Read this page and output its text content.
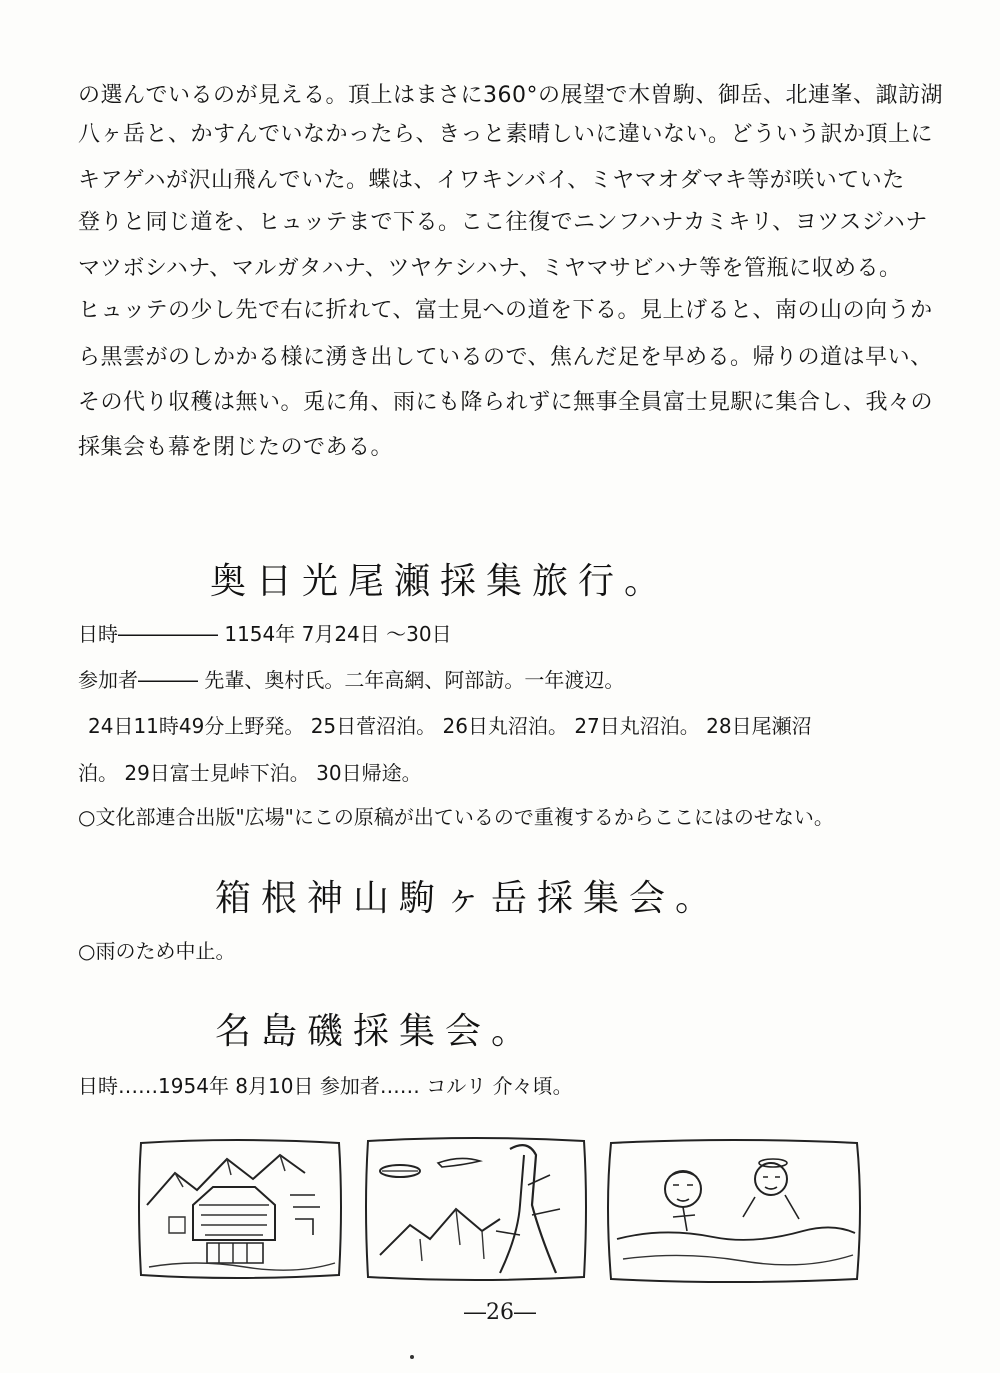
の選んでいるのが見える。頂上はまさに360°の展望で木曽駒、御岳、北連峯、諏訪湖
八ヶ岳と、かすんでいなかったら、きっと素晴しいに違いない。どういう訳か頂上に
キアゲハが沢山飛んでいた。蝶は、イワキンバイ、ミヤマオダマキ等が咲いていた
登りと同じ道を、ヒュッテまで下る。ここ往復でニンフハナカミキリ、ヨツスジハナ
マツボシハナ、マルガタハナ、ツヤケシハナ、ミヤマサビハナ等を管瓶に収める。
ヒュッテの少し先で右に折れて、富士見への道を下る。見上げると、南の山の向うか
ら黒雲がのしかかる様に湧き出しているので、焦んだ足を早める。帰りの道は早い、
その代り収穫は無い。兎に角、雨にも降られずに無事全員富士見駅に集合し、我々の
採集会も幕を閉じたのである。
奥日光尾瀬採集旅行。
日時――――― 1154年 7月24日 ～30日
参加者――― 先輩、奥村氏。二年高網、阿部訪。一年渡辺。
24日11時49分上野発。 25日菅沼泊。 26日丸沼泊。 27日丸沼泊。 28日尾瀬沼
泊。 29日富士見峠下泊。 30日帰途。
○文化部連合出版"広場"にこの原稿が出ているので重複するからここにはのせない。
箱根神山駒ヶ岳採集会。
○雨のため中止。
名島磯採集会。
日時‥‥‥1954年 8月10日 参加者‥‥‥ コルリ 介々頃。
―26―
